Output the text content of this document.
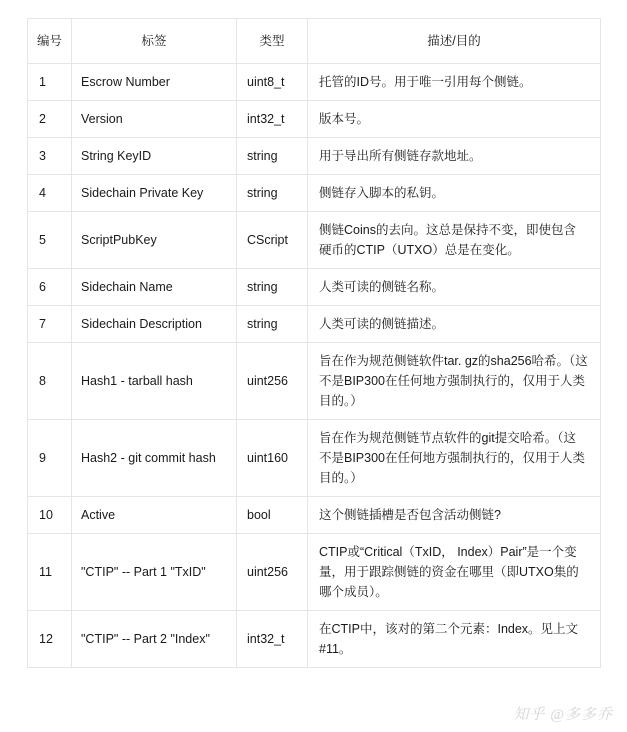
编号	标签	类型	描述/目的
1	Escrow Number	uint8_t	托管的ID号。用于唯一引用每个侧链。
2	Version	int32_t	版本号。
3	String KeyID	string	用于导出所有侧链存款地址。
4	Sidechain Private Key	string	侧链存入脚本的私钥。
5	ScriptPubKey	CScript	侧链Coins的去向。这总是保持不变，即使包含硬币的CTIP（UTXO）总是在变化。
6	Sidechain Name	string	人类可读的侧链名称。
7	Sidechain Description	string	人类可读的侧链描述。
8	Hash1 - tarball hash	uint256	旨在作为规范侧链软件tar. gz的sha256哈希。（这不是BIP300在任何地方强制执行的，仅用于人类目的。）
9	Hash2 - git commit hash	uint160	旨在作为规范侧链节点软件的git提交哈希。（这不是BIP300在任何地方强制执行的，仅用于人类目的。）
10	Active	bool	这个侧链插槽是否包含活动侧链?
11	"CTIP" -- Part 1 "TxID"	uint256	CTIP或“Critical（TxID， Index）Pair”是一个变量，用于跟踪侧链的资金在哪里（即UTXO集的哪个成员）。
12	"CTIP" -- Part 2 "Index"	int32_t	在CTIP中，该对的第二个元素：Index。见上文#11。
知乎 @多多乔
